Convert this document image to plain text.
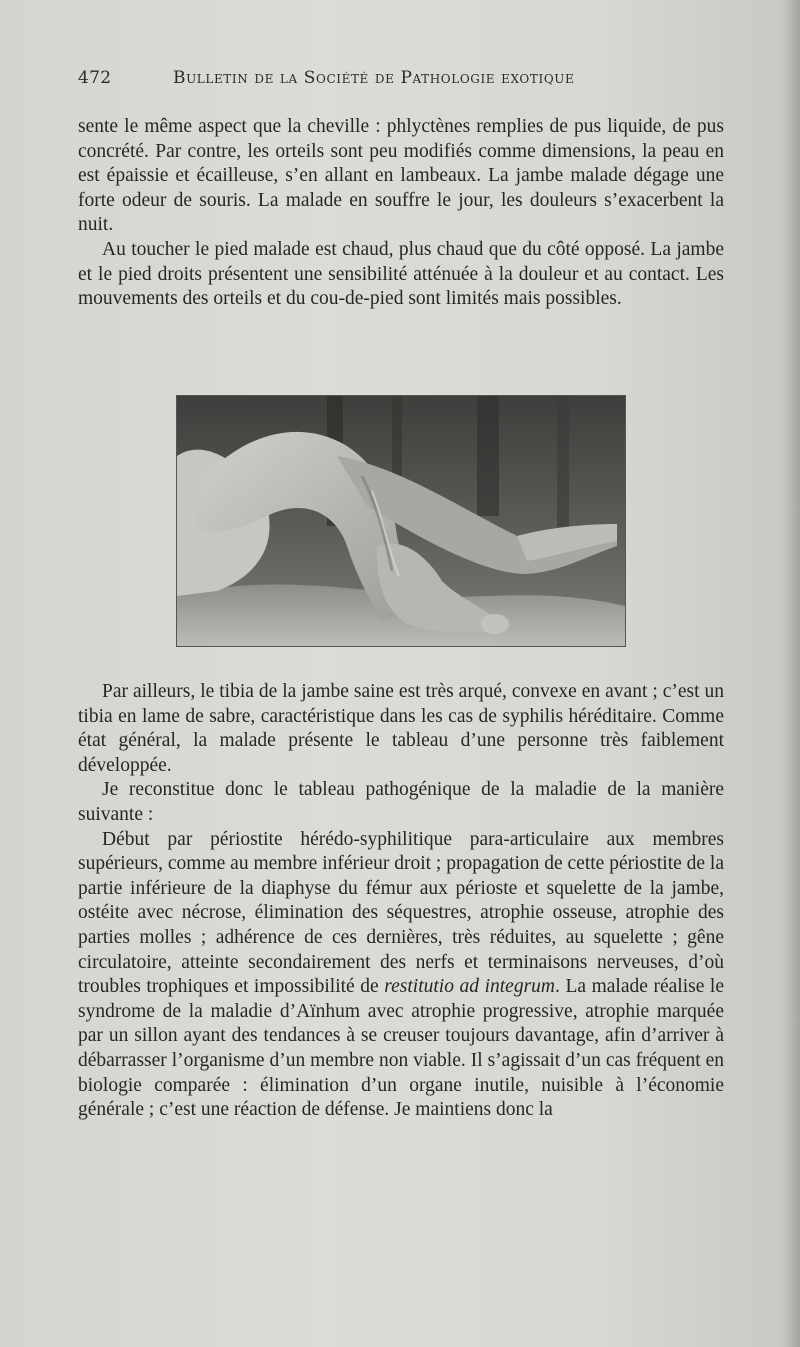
472	Bulletin de la Société de Pathologie exotique

sente le même aspect que la cheville : phlyctènes remplies de pus liquide, de pus concrété. Par contre, les orteils sont peu modifiés comme dimensions, la peau en est épaissie et écailleuse, s’en allant en lambeaux. La jambe malade dégage une forte odeur de souris. La malade en souffre le jour, les douleurs s’exacerbent la nuit.

Au toucher le pied malade est chaud, plus chaud que du côté opposé. La jambe et le pied droits présentent une sensibilité atténuée à la douleur et au contact. Les mouvements des orteils et du cou-de-pied sont limités mais possibles.

Par ailleurs, le tibia de la jambe saine est très arqué, convexe en avant ; c’est un tibia en lame de sabre, caractéristique dans les cas de syphilis héréditaire. Comme état général, la malade présente le tableau d’une personne très faiblement développée.

Je reconstitue donc le tableau pathogénique de la maladie de la manière suivante :

Début par périostite hérédo-syphilitique para-articulaire aux membres supérieurs, comme au membre inférieur droit ; propagation de cette périostite de la partie inférieure de la diaphyse du fémur aux périoste et squelette de la jambe, ostéite avec nécrose, élimination des séquestres, atrophie osseuse, atrophie des parties molles ; adhérence de ces dernières, très réduites, au squelette ; gêne circulatoire, atteinte secondairement des nerfs et terminaisons nerveuses, d’où troubles trophiques et impossibilité de restitutio ad integrum. La malade réalise le syndrome de la maladie d’Aïnhum avec atrophie progressive, atrophie marquée par un sillon ayant des tendances à se creuser toujours davantage, afin d’arriver à débarrasser l’organisme d’un membre non viable. Il s’agissait d’un cas fréquent en biologie comparée : élimination d’un organe inutile, nuisible à l’économie générale ; c’est une réaction de défense. Je maintiens donc la
